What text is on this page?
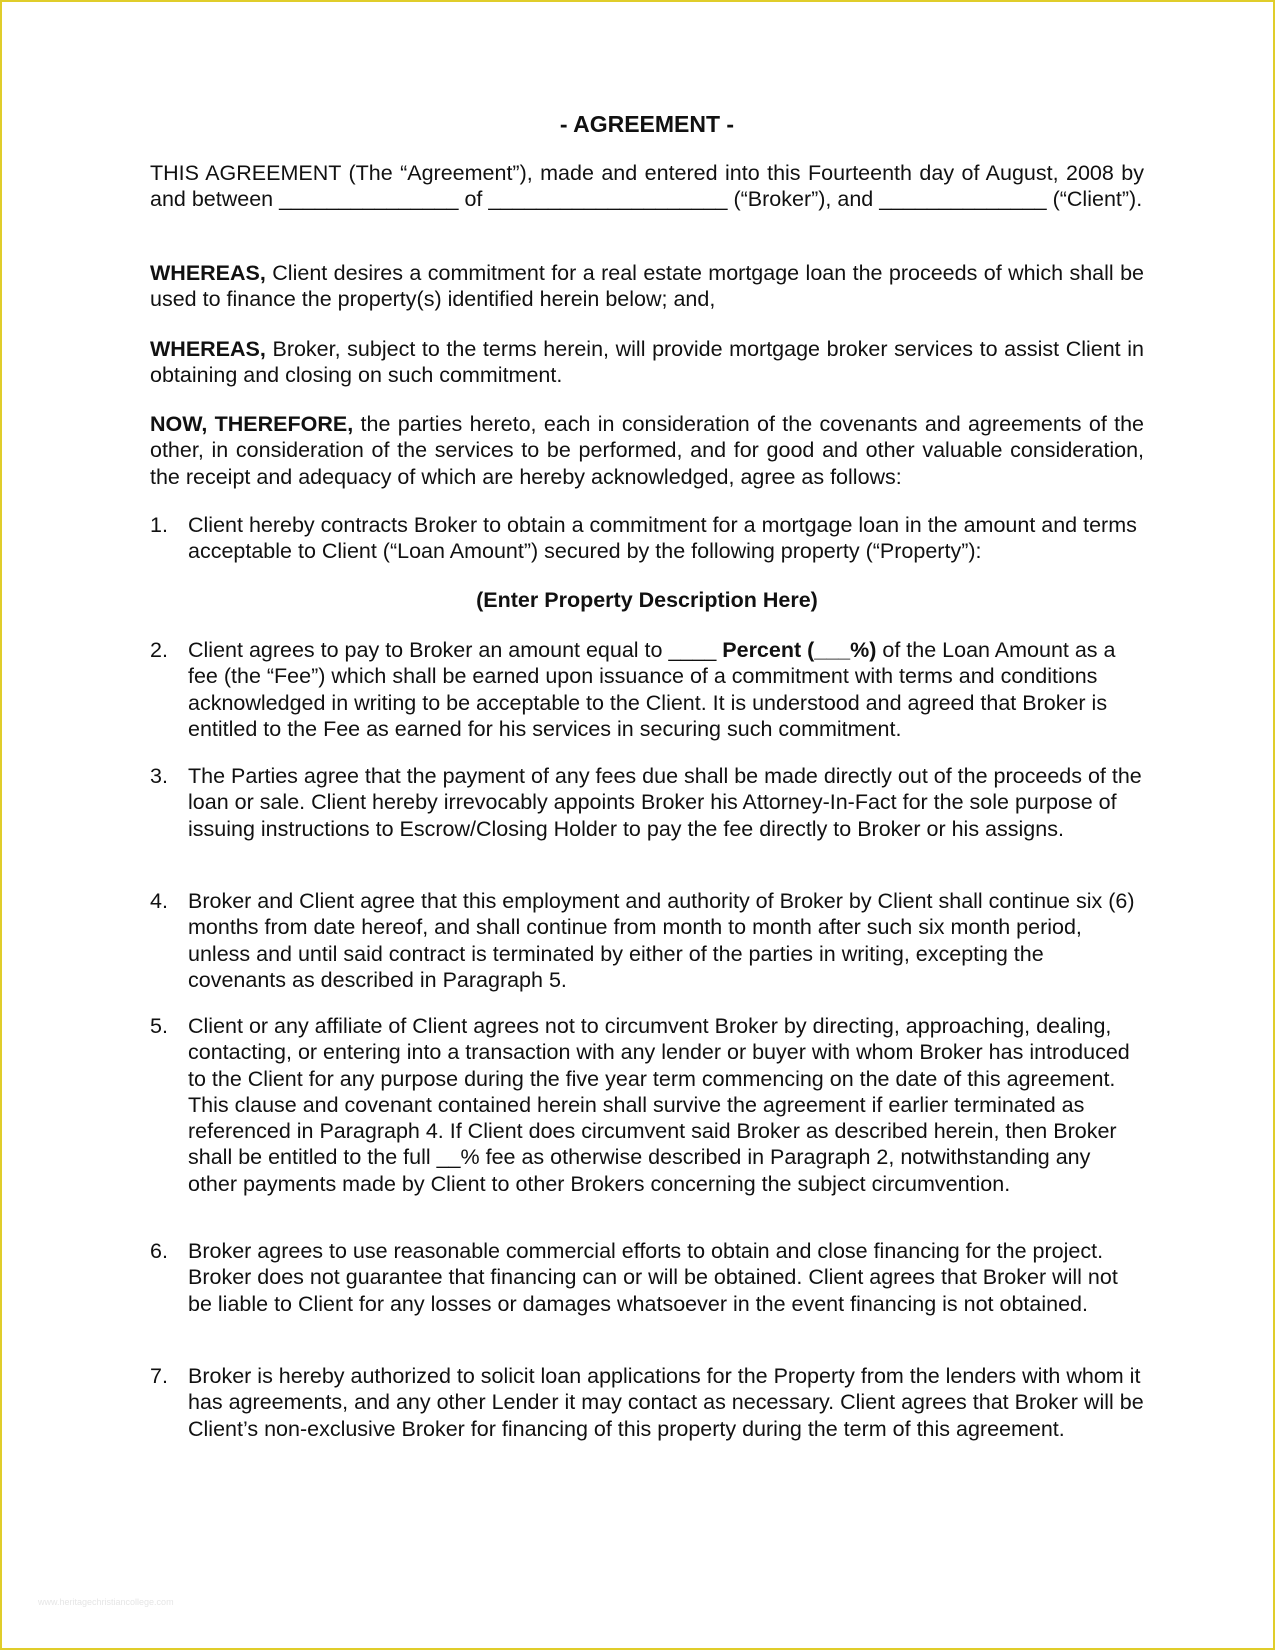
- AGREEMENT -

THIS AGREEMENT (The “Agreement”), made and entered into this Fourteenth day of August, 2008 by and between _______________ of ____________________ (“Broker”), and ______________ (“Client”).

WHEREAS, Client desires a commitment for a real estate mortgage loan the proceeds of which shall be used to finance the property(s) identified herein below; and,

WHEREAS, Broker, subject to the terms herein, will provide mortgage broker services to assist Client in obtaining and closing on such commitment.

NOW, THEREFORE, the parties hereto, each in consideration of the covenants and agreements of the other, in consideration of the services to be performed, and for good and other valuable consideration, the receipt and adequacy of which are hereby acknowledged, agree as follows:

1. Client hereby contracts Broker to obtain a commitment for a mortgage loan in the amount and terms acceptable to Client (“Loan Amount”) secured by the following property (“Property”):

(Enter Property Description Here)

2. Client agrees to pay to Broker an amount equal to ____ Percent (___%) of the Loan Amount as a fee (the “Fee”) which shall be earned upon issuance of a commitment with terms and conditions acknowledged in writing to be acceptable to the Client. It is understood and agreed that Broker is entitled to the Fee as earned for his services in securing such commitment.
3. The Parties agree that the payment of any fees due shall be made directly out of the proceeds of the loan or sale. Client hereby irrevocably appoints Broker his Attorney-In-Fact for the sole purpose of issuing instructions to Escrow/Closing Holder to pay the fee directly to Broker or his assigns.
4. Broker and Client agree that this employment and authority of Broker by Client shall continue six (6) months from date hereof, and shall continue from month to month after such six month period, unless and until said contract is terminated by either of the parties in writing, excepting the covenants as described in Paragraph 5.
5. Client or any affiliate of Client agrees not to circumvent Broker by directing, approaching, dealing, contacting, or entering into a transaction with any lender or buyer with whom Broker has introduced to the Client for any purpose during the five year term commencing on the date of this agreement. This clause and covenant contained herein shall survive the agreement if earlier terminated as referenced in Paragraph 4. If Client does circumvent said Broker as described herein, then Broker shall be entitled to the full __% fee as otherwise described in Paragraph 2, notwithstanding any other payments made by Client to other Brokers concerning the subject circumvention.
6. Broker agrees to use reasonable commercial efforts to obtain and close financing for the project. Broker does not guarantee that financing can or will be obtained. Client agrees that Broker will not be liable to Client for any losses or damages whatsoever in the event financing is not obtained.
7. Broker is hereby authorized to solicit loan applications for the Property from the lenders with whom it has agreements, and any other Lender it may contact as necessary. Client agrees that Broker will be Client’s non-exclusive Broker for financing of this property during the term of this agreement.
www.heritagechristiancollege.com
